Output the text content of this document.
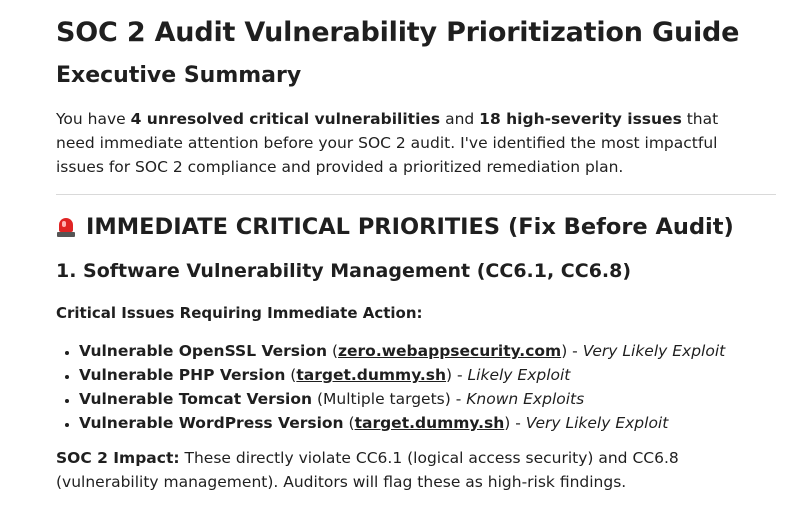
SOC 2 Audit Vulnerability Prioritization Guide
Executive Summary

You have 4 unresolved critical vulnerabilities and 18 high-severity issues that need immediate attention before your SOC 2 audit. I've identified the most impactful issues for SOC 2 compliance and provided a prioritized remediation plan.

IMMEDIATE CRITICAL PRIORITIES (Fix Before Audit)
1. Software Vulnerability Management (CC6.1, CC6.8)

Critical Issues Requiring Immediate Action:

• Vulnerable OpenSSL Version (zero.webappsecurity.com) - Very Likely Exploit
• Vulnerable PHP Version (target.dummy.sh) - Likely Exploit
• Vulnerable Tomcat Version (Multiple targets) - Known Exploits
• Vulnerable WordPress Version (target.dummy.sh) - Very Likely Exploit

SOC 2 Impact: These directly violate CC6.1 (logical access security) and CC6.8 (vulnerability management). Auditors will flag these as high-risk findings.
